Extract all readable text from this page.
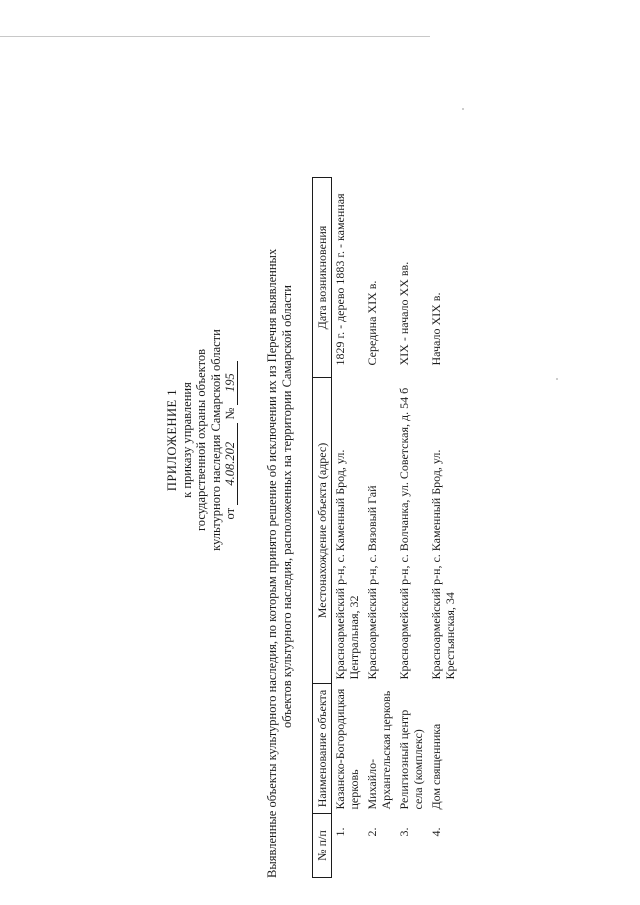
ПРИЛОЖЕНИЕ 1 к приказу управления государственной охраны объектов культурного наследия Самарской области от 4.08.202 № 195 Выявленные объекты культурного наследия, по которым принято решение об исключении их из Перечня выявленных объектов культурного наследия, расположенных на территории Самарской области
№ п/п	Наименование объекта	Местонахождение объекта (адрес)	Дата возникновения
1.	Казанско-Богородицкая церковь	Красноармейский р-н, с. Каменный Брод, ул. Центральная, 32	1829 г. - дерево 1883 г. - каменная
2.	Михайло-Архангельская церковь	Красноармейский р-н, с. Вязовый Гай	Середина XIX в.
3.	Религиозный центр села (комплекс)	Красноармейский р-н, с. Волчанка, ул. Советская, д. 54 б	XIX - начало XX вв.
4.	Дом священника	Красноармейский р-н, с. Каменный Брод, ул. Крестьянская, 34	Начало XIX в.
